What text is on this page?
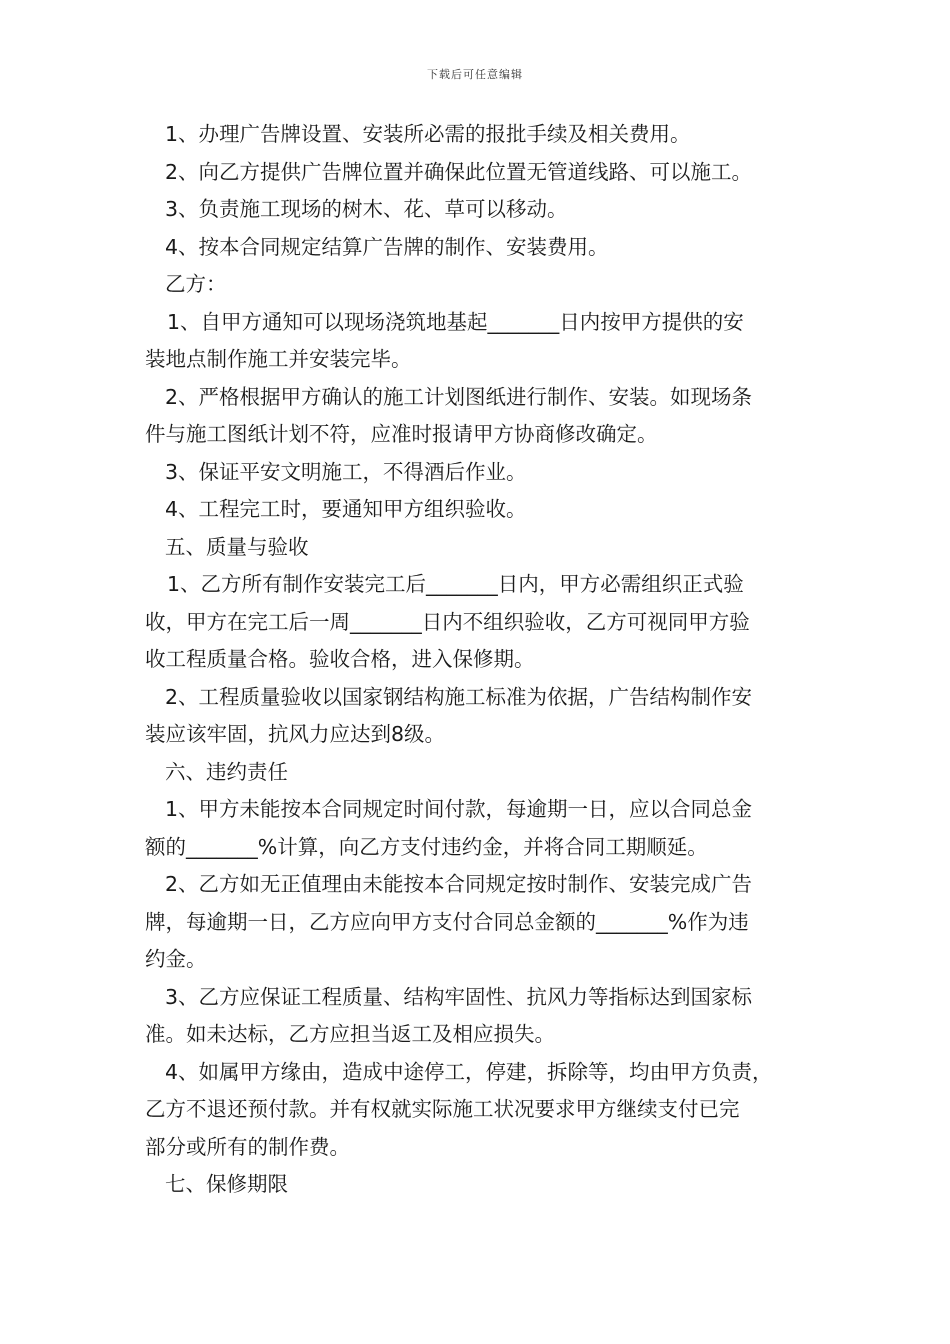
下载后可任意编辑

1、办理广告牌设置、安装所必需的报批手续及相关费用。

2、向乙方提供广告牌位置并确保此位置无管道线路、可以施工。

3、负责施工现场的树木、花、草可以移动。

4、按本合同规定结算广告牌的制作、安装费用。

乙方：

1、自甲方通知可以现场浇筑地基起_______日内按甲方提供的安

装地点制作施工并安装完毕。

2、严格根据甲方确认的施工计划图纸进行制作、安装。如现场条

件与施工图纸计划不符，应准时报请甲方协商修改确定。

3、保证平安文明施工，不得酒后作业。

4、工程完工时，要通知甲方组织验收。

五、质量与验收

1、乙方所有制作安装完工后_______日内，甲方必需组织正式验

收，甲方在完工后一周_______日内不组织验收，乙方可视同甲方验

收工程质量合格。验收合格，进入保修期。

2、工程质量验收以国家钢结构施工标准为依据，广告结构制作安

装应该牢固，抗风力应达到8级。

六、违约责任

1、甲方未能按本合同规定时间付款，每逾期一日，应以合同总金

额的_______%计算，向乙方支付违约金，并将合同工期顺延。

2、乙方如无正值理由未能按本合同规定按时制作、安装完成广告

牌，每逾期一日，乙方应向甲方支付合同总金额的_______%作为违

约金。

3、乙方应保证工程质量、结构牢固性、抗风力等指标达到国家标

准。如未达标，乙方应担当返工及相应损失。

4、如属甲方缘由，造成中途停工，停建，拆除等，均由甲方负责，

乙方不退还预付款。并有权就实际施工状况要求甲方继续支付已完

部分或所有的制作费。

七、保修期限
